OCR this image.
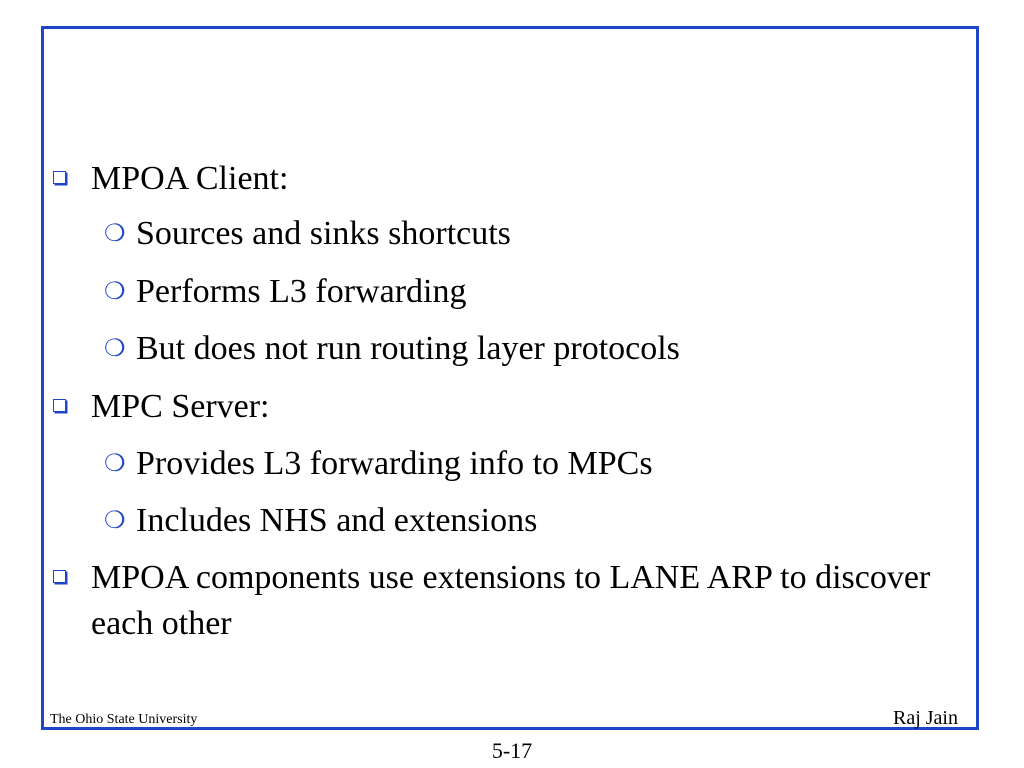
MPOA Client:
❍ Sources and sinks shortcuts
❍ Performs L3 forwarding
❍ But does not run routing layer protocols
MPC Server:
❍ Provides L3 forwarding info to MPCs
❍ Includes NHS and extensions
MPOA components use extensions to LANE ARP to discover each other
The Ohio State University	Raj Jain
5-17
